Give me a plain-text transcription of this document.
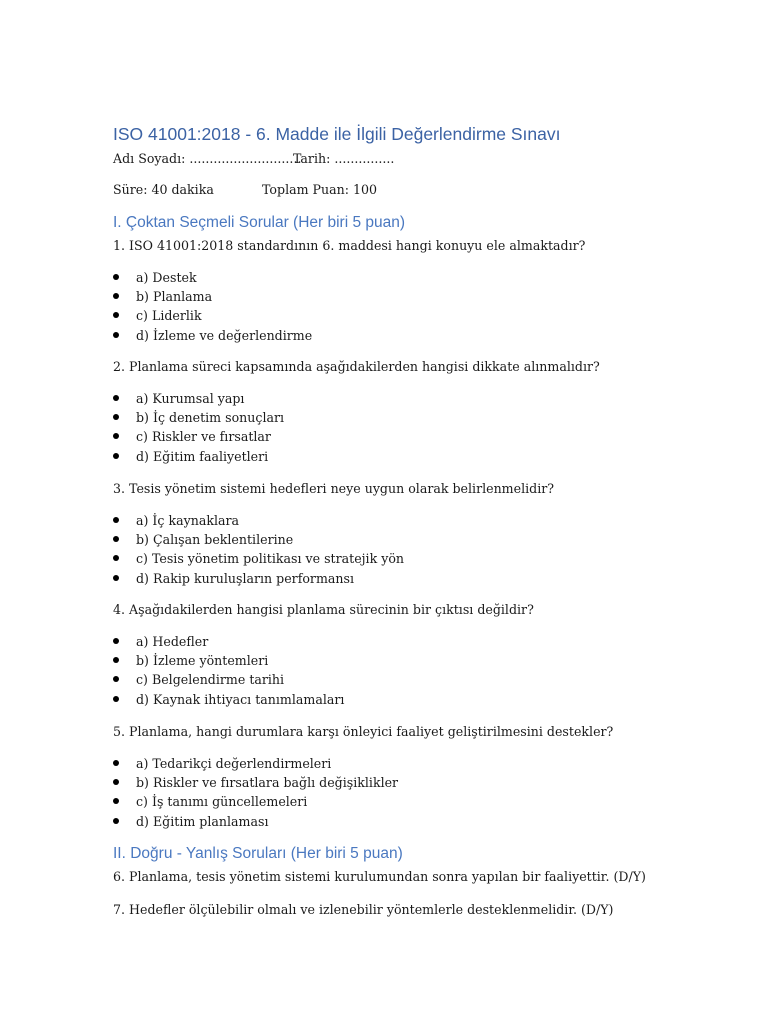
ISO 41001:2018 - 6. Madde ile İlgili Değerlendirme Sınavı
Adı Soyadı: ............................
Tarih: ...............
Süre: 40 dakika	Toplam Puan: 100
I. Çoktan Seçmeli Sorular (Her biri 5 puan)
1. ISO 41001:2018 standardının 6. maddesi hangi konuyu ele almaktadır?
a) Destek
b) Planlama
c) Liderlik
d) İzleme ve değerlendirme
2. Planlama süreci kapsamında aşağıdakilerden hangisi dikkate alınmalıdır?
a) Kurumsal yapı
b) İç denetim sonuçları
c) Riskler ve fırsatlar
d) Eğitim faaliyetleri
3. Tesis yönetim sistemi hedefleri neye uygun olarak belirlenmelidir?
a) İç kaynaklara
b) Çalışan beklentilerine
c) Tesis yönetim politikası ve stratejik yön
d) Rakip kuruluşların performansı
4. Aşağıdakilerden hangisi planlama sürecinin bir çıktısı değildir?
a) Hedefler
b) İzleme yöntemleri
c) Belgelendirme tarihi
d) Kaynak ihtiyacı tanımlamaları
5. Planlama, hangi durumlara karşı önleyici faaliyet geliştirilmesini destekler?
a) Tedarikçi değerlendirmeleri
b) Riskler ve fırsatlara bağlı değişiklikler
c) İş tanımı güncellemeleri
d) Eğitim planlaması
II. Doğru - Yanlış Soruları (Her biri 5 puan)
6. Planlama, tesis yönetim sistemi kurulumundan sonra yapılan bir faaliyettir. (D/Y)
7. Hedefler ölçülebilir olmalı ve izlenebilir yöntemlerle desteklenmelidir. (D/Y)
